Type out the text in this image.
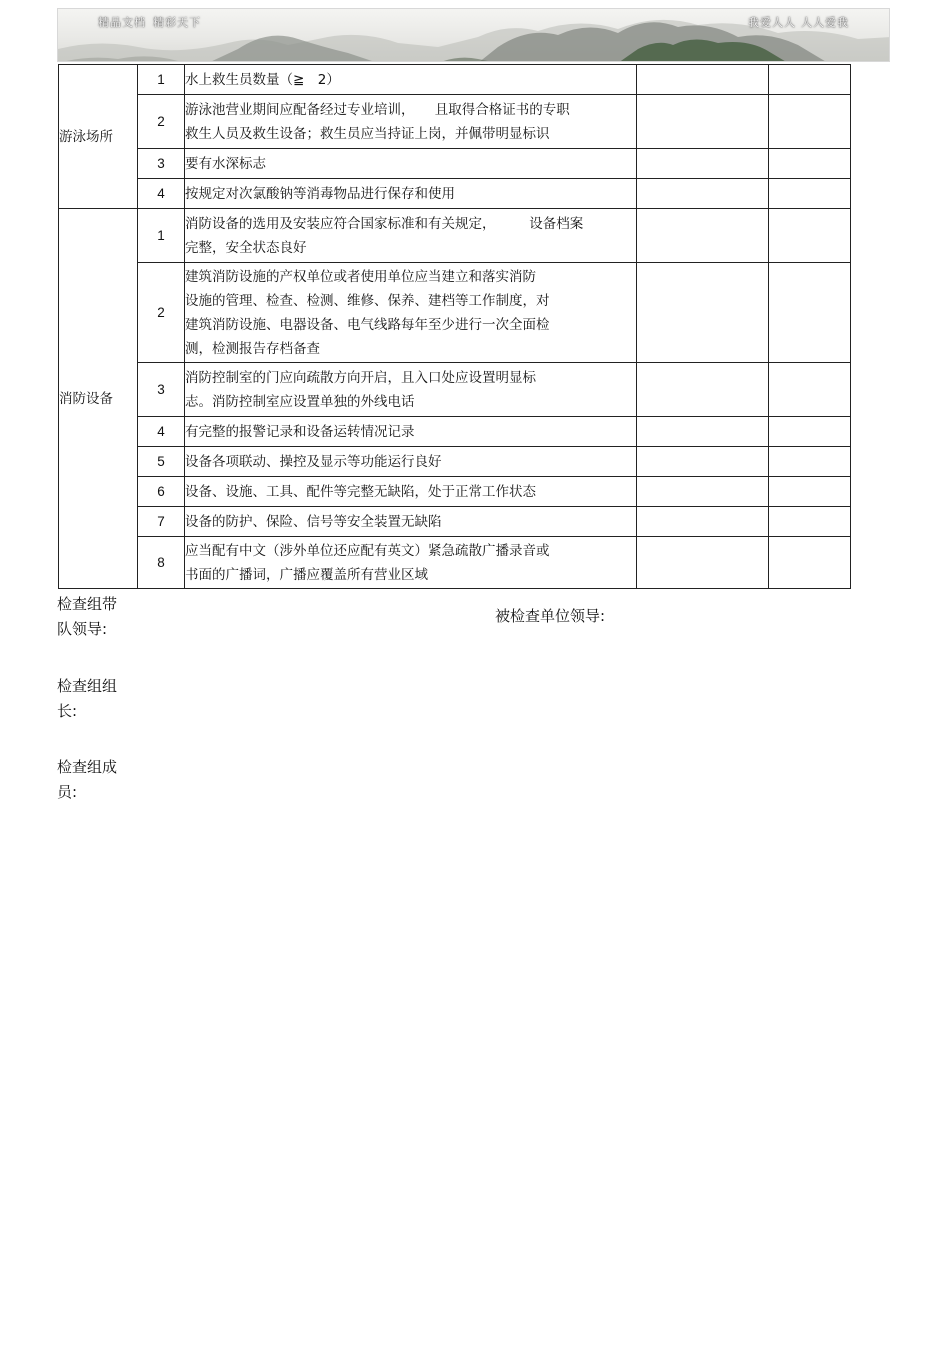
精品文档 精彩天下	我爱人人 人人爱我
游泳场所	1	水上救生员数量（≧　2）		

	2	游泳池营业期间应配备经过专业培训，　　且取得合格证书的专职
救生人员及救生设备；救生员应当持证上岗，并佩带明显标识		

	3	要有水深标志		

	4	按规定对次氯酸钠等消毒物品进行保存和使用		

消防设备	1	消防设备的选用及安装应符合国家标准和有关规定，　　　设备档案
完整，安全状态良好		

	2	建筑消防设施的产权单位或者使用单位应当建立和落实消防
设施的管理、检查、检测、维修、保养、建档等工作制度，对
建筑消防设施、电器设备、电气线路每年至少进行一次全面检
测，检测报告存档备查		

	3	消防控制室的门应向疏散方向开启，且入口处应设置明显标
志。消防控制室应设置单独的外线电话		

	4	有完整的报警记录和设备运转情况记录		

	5	设备各项联动、操控及显示等功能运行良好		

	6	设备、设施、工具、配件等完整无缺陷，处于正常工作状态		

	7	设备的防护、保险、信号等安全装置无缺陷		

	8	应当配有中文（涉外单位还应配有英文）紧急疏散广播录音或
书面的广播词，广播应覆盖所有营业区域		

检查组带
队领导:
被检查单位领导:
检查组组
长:
检查组成
员:
